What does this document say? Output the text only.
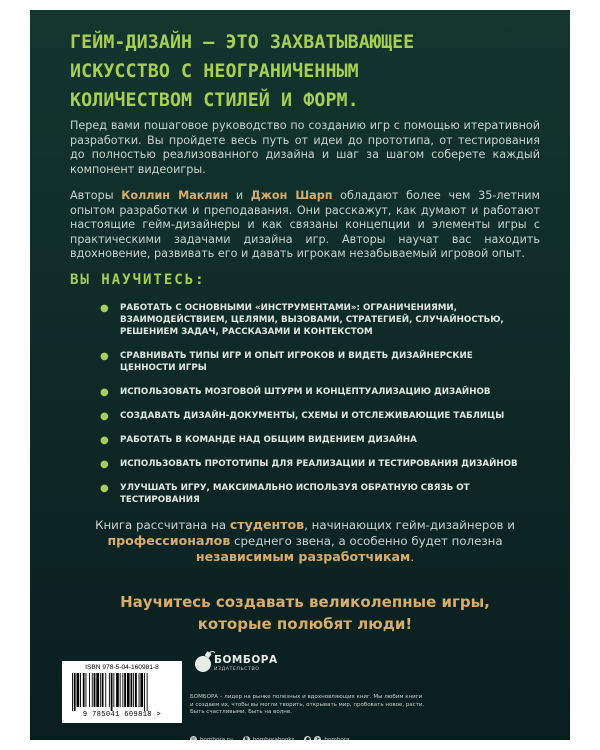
ГЕЙМ-ДИЗАЙН – ЭТО ЗАХВАТЫВАЮЩЕЕ
ИСКУССТВО С НЕОГРАНИЧЕННЫМ
КОЛИЧЕСТВОМ СТИЛЕЙ И ФОРМ.

Перед вами пошаговое руководство по созданию игр с помощью итеративной разработки. Вы пройдете весь путь от идеи до прототипа, от тестирования до полностью реализованного дизайна и шаг за шагом соберете каждый компонент видеоигры.

Авторы Коллин Маклин и Джон Шарп обладают более чем 35-летним опытом разработки и преподавания. Они расскажут, как думают и работают настоящие гейм-дизайнеры и как связаны концепции и элементы игры с практическими задачами дизайна игр. Авторы научат вас находить вдохновение, развивать его и давать игрокам незабываемый игровой опыт.

ВЫ НАУЧИТЕСЬ:
● РАБОТАТЬ С ОСНОВНЫМИ «ИНСТРУМЕНТАМИ»: ОГРАНИЧЕНИЯМИ, ВЗАИМОДЕЙСТВИЕМ, ЦЕЛЯМИ, ВЫЗОВАМИ, СТРАТЕГИЕЙ, СЛУЧАЙНОСТЬЮ, РЕШЕНИЕМ ЗАДАЧ, РАССКАЗАМИ И КОНТЕКСТОМ
● СРАВНИВАТЬ ТИПЫ ИГР И ОПЫТ ИГРОКОВ И ВИДЕТЬ ДИЗАЙНЕРСКИЕ ЦЕННОСТИ ИГРЫ
● ИСПОЛЬЗОВАТЬ МОЗГОВОЙ ШТУРМ И КОНЦЕПТУАЛИЗАЦИЮ ДИЗАЙНОВ
● СОЗДАВАТЬ ДИЗАЙН-ДОКУМЕНТЫ, СХЕМЫ И ОТСЛЕЖИВАЮЩИЕ ТАБЛИЦЫ
● РАБОТАТЬ В КОМАНДЕ НАД ОБЩИМ ВИДЕНИЕМ ДИЗАЙНА
● ИСПОЛЬЗОВАТЬ ПРОТОТИПЫ ДЛЯ РЕАЛИЗАЦИИ И ТЕСТИРОВАНИЯ ДИЗАЙНОВ
● УЛУЧШАТЬ ИГРУ, МАКСИМАЛЬНО ИСПОЛЬЗУЯ ОБРАТНУЮ СВЯЗЬ ОТ ТЕСТИРОВАНИЯ

Книга рассчитана на студентов, начинающих гейм-дизайнеров и профессионалов среднего звена, а особенно будет полезна независимым разработчикам.

Научитесь создавать великолепные игры,
которые полюбят люди!
ISBN 978-5-04-160981-8
9 785041 609818 >
БОМБОРА
ИЗДАТЕЛЬСТВО

БОМБОРА – лидер на рынке полезных и вдохновляющих книг. Мы любим книги и создаем их, чтобы вы могли творить, открывать мир, пробовать новое, расти. Быть счастливыми. Быть на волне.

◎ bombora.ru	В bomborabooks	●	➤ bombora
